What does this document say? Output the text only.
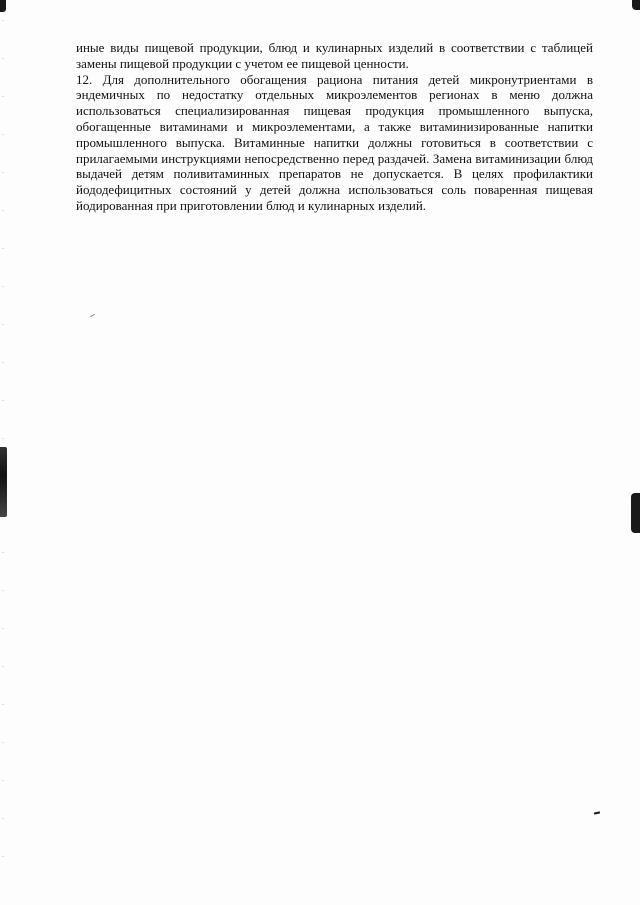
иные виды пищевой продукции, блюд и кулинарных изделий в соответствии с таблицей замены пищевой продукции с учетом ее пищевой ценности.

12. Для дополнительного обогащения рациона питания детей микронутриентами в эндемичных по недостатку отдельных микроэлементов регионах в меню должна использоваться специализированная пищевая продукция промышленного выпуска, обогащенные витаминами и микроэлементами, а также витаминизированные напитки промышленного выпуска. Витаминные напитки должны готовиться в соответствии с прилагаемыми инструкциями непосредственно перед раздачей. Замена витаминизации блюд выдачей детям поливитаминных препаратов не допускается. В целях профилактики йододефицитных состояний у детей должна использоваться соль поваренная пищевая йодированная при приготовлении блюд и кулинарных изделий.
